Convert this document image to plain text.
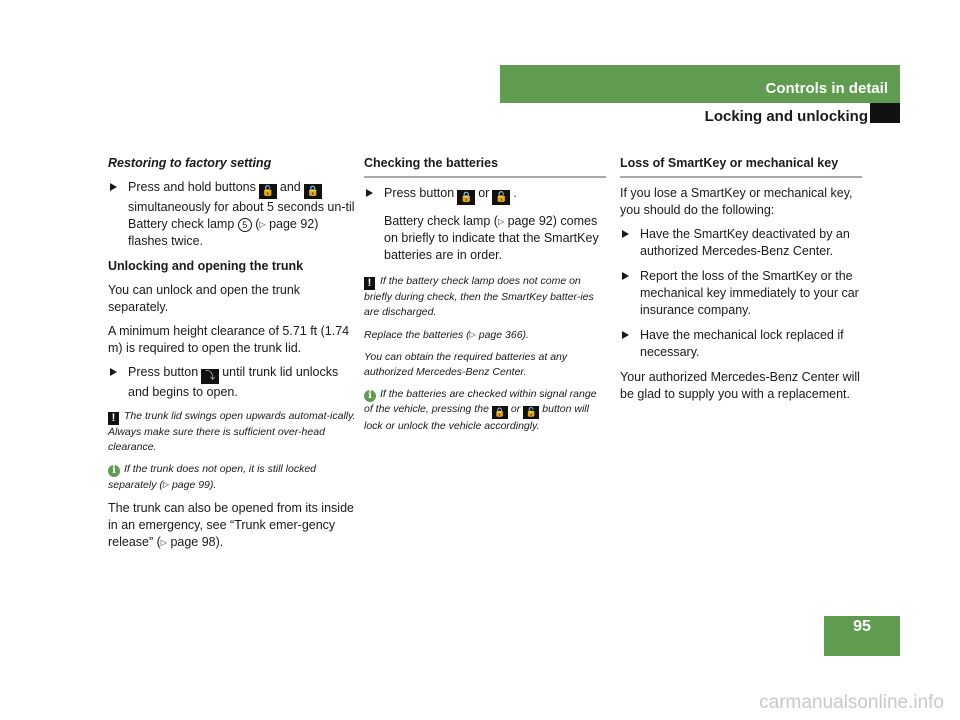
Controls in detail
Locking and unlocking

Restoring to factory setting

Press and hold buttons 🔓 and 🔒 simultaneously for about 5 seconds un-til Battery check lamp 5 (▷ page 92) flashes twice.

Unlocking and opening the trunk

You can unlock and open the trunk separately.

A minimum height clearance of 5.71 ft (1.74 m) is required to open the trunk lid.

Press button ⤵ until trunk lid unlocks and begins to open.

! The trunk lid swings open upwards automat-ically. Always make sure there is sufficient over-head clearance.

i If the trunk does not open, it is still locked separately (▷ page 99).

The trunk can also be opened from its inside in an emergency, see “Trunk emer-gency release” (▷ page 98).

Checking the batteries

Press button 🔒 or 🔓 .

Battery check lamp (▷ page 92) comes on briefly to indicate that the SmartKey batteries are in order.

! If the battery check lamp does not come on briefly during check, then the SmartKey batter-ies are discharged.

Replace the batteries (▷ page 366).

You can obtain the required batteries at any authorized Mercedes-Benz Center.

i If the batteries are checked within signal range of the vehicle, pressing the 🔒 or 🔓 button will lock or unlock the vehicle accordingly.

Loss of SmartKey or mechanical key

If you lose a SmartKey or mechanical key, you should do the following:

Have the SmartKey deactivated by an authorized Mercedes-Benz Center.
Report the loss of the SmartKey or the mechanical key immediately to your car insurance company.
Have the mechanical lock replaced if necessary.

Your authorized Mercedes-Benz Center will be glad to supply you with a replacement.

95
carmanualsonline.info
